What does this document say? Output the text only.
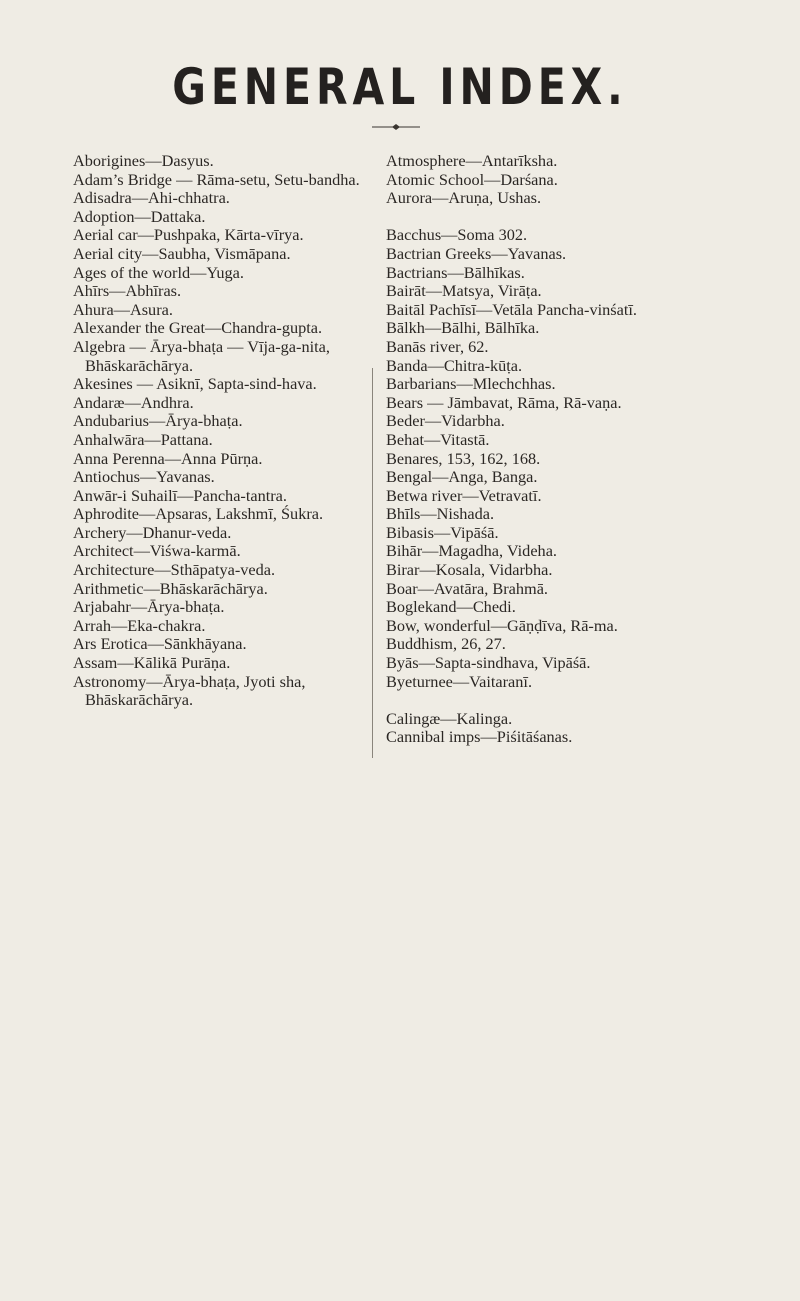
GENERAL INDEX.
Aborigines—Dasyus.
Adam’s Bridge — Rāma-setu, Setu-bandha.
Adisadra—Ahi-chhatra.
Adoption—Dattaka.
Aerial car—Pushpaka, Kārta-vīrya.
Aerial city—Saubha, Vismāpana.
Ages of the world—Yuga.
Ahīrs—Abhīras.
Ahura—Asura.
Alexander the Great—Chandra-gupta.
Algebra — Ārya-bhaṭa — Vīja-ga-nita, Bhāskarāchārya.
Akesines — Asiknī, Sapta-sind-hava.
Andaræ—Andhra.
Andubarius—Ārya-bhaṭa.
Anhalwāra—Pattana.
Anna Perenna—Anna Pūrṇa.
Antiochus—Yavanas.
Anwār-i Suhailī—Pancha-tantra.
Aphrodite—Apsaras, Lakshmī, Śukra.
Archery—Dhanur-veda.
Architect—Viśwa-karmā.
Architecture—Sthāpatya-veda.
Arithmetic—Bhāskarāchārya.
Arjabahr—Ārya-bhaṭa.
Arrah—Eka-chakra.
Ars Erotica—Sānkhāyana.
Assam—Kālikā Purāṇa.
Astronomy—Ārya-bhaṭa, Jyoti sha, Bhāskarāchārya.
Atmosphere—Antarīksha.
Atomic School—Darśana.
Aurora—Aruṇa, Ushas.
Bacchus—Soma 302.
Bactrian Greeks—Yavanas.
Bactrians—Bālhīkas.
Bairāt—Matsya, Virāṭa.
Baitāl Pachīsī—Vetāla Pancha-vinśatī.
Bālkh—Bālhi, Bālhīka.
Banās river, 62.
Banda—Chitra-kūṭa.
Barbarians—Mlechchhas.
Bears — Jāmbavat, Rāma, Rā-vaṇa.
Beder—Vidarbha.
Behat—Vitastā.
Benares, 153, 162, 168.
Bengal—Anga, Banga.
Betwa river—Vetravatī.
Bhīls—Nishada.
Bibasis—Vipāśā.
Bihār—Magadha, Videha.
Birar—Kosala, Vidarbha.
Boar—Avatāra, Brahmā.
Boglekand—Chedi.
Bow, wonderful—Gāṇḍīva, Rā-ma.
Buddhism, 26, 27.
Byās—Sapta-sindhava, Vipāśā.
Byeturnee—Vaitaranī.
Calingæ—Kalinga.
Cannibal imps—Piśitāśanas.
